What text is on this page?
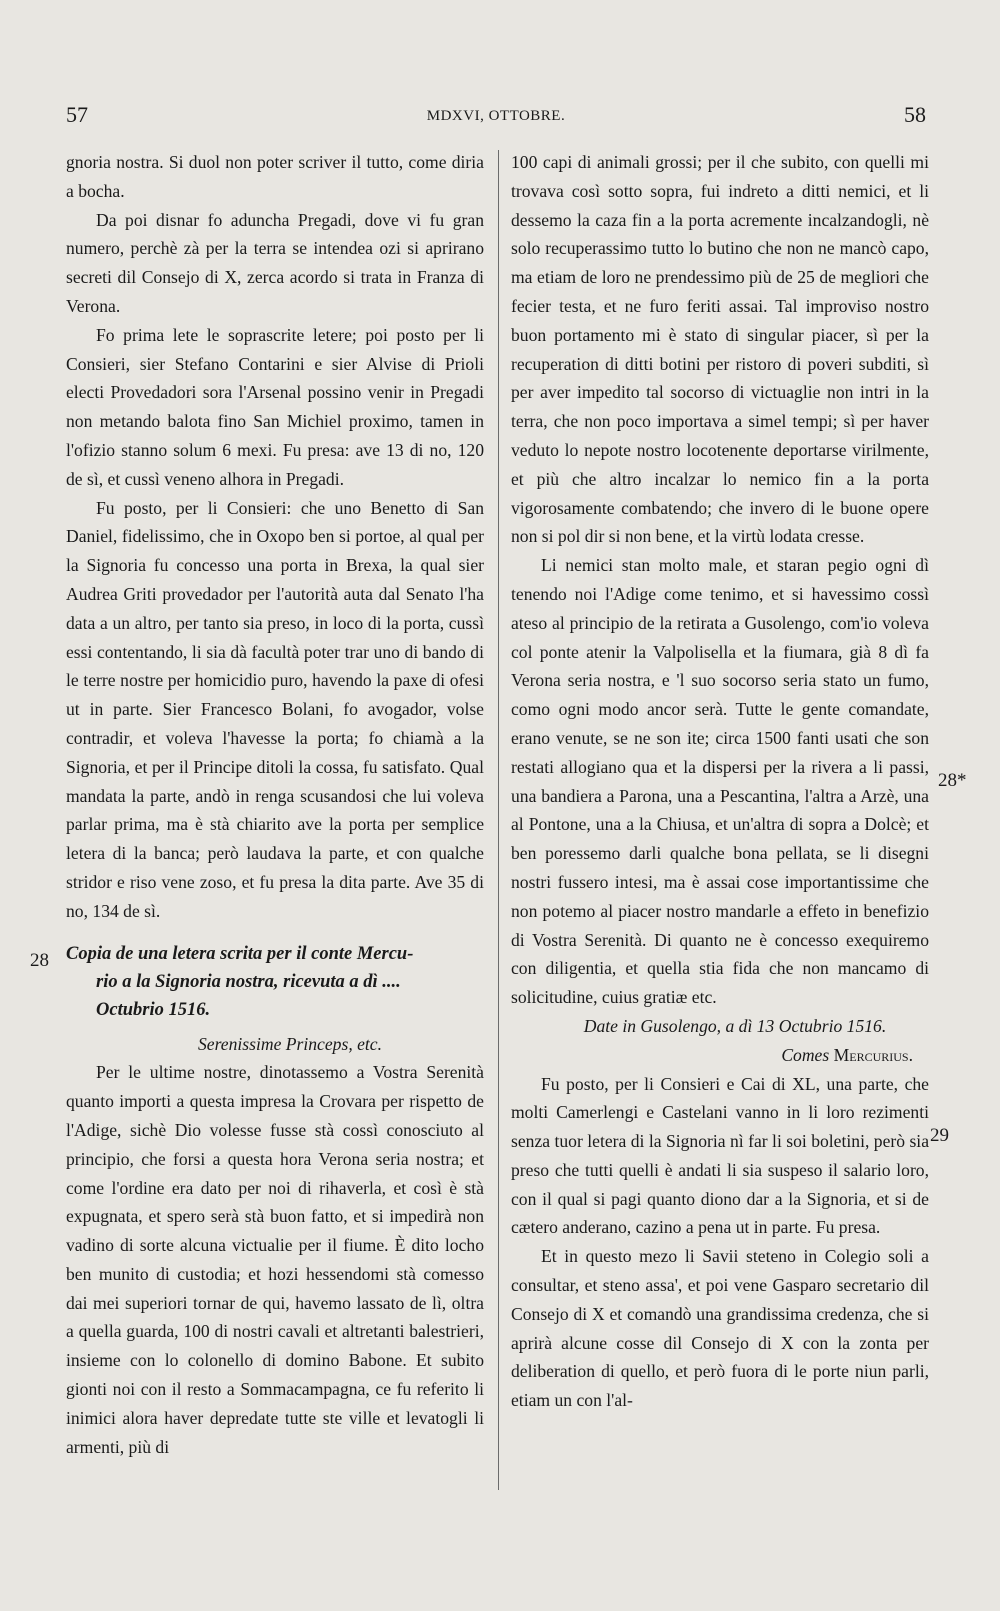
57	MDXVI, OTTOBRE.	58

gnoria nostra. Si duol non poter scriver il tutto, come diria a bocha.

Da poi disnar fo aduncha Pregadi, dove vi fu gran numero, perchè zà per la terra se intendea ozi si aprirano secreti dil Consejo di X, zerca acordo si trata in Franza di Verona.

Fo prima lete le soprascrite letere; poi posto per li Consieri, sier Stefano Contarini e sier Alvise di Prioli electi Provedadori sora l'Arsenal possino venir in Pregadi non metando balota fino San Michiel proximo, tamen in l'ofizio stanno solum 6 mexi. Fu presa: ave 13 di no, 120 de sì, et cussì veneno alhora in Pregadi.

Fu posto, per li Consieri: che uno Benetto di San Daniel, fidelissimo, che in Oxopo ben si portoe, al qual per la Signoria fu concesso una porta in Brexa, la qual sier Audrea Griti provedador per l'autorità auta dal Senato l'ha data a un altro, per tanto sia preso, in loco di la porta, cussì essi contentando, li sia dà facultà poter trar uno di bando di le terre nostre per homicidio puro, havendo la paxe di ofesi ut in parte. Sier Francesco Bolani, fo avogador, volse contradir, et voleva l'havesse la porta; fo chiamà a la Signoria, et per il Principe ditoli la cossa, fu satisfato. Qual mandata la parte, andò in renga scusandosi che lui voleva parlar prima, ma è stà chiarito ave la porta per semplice letera di la banca; però laudava la parte, et con qualche stridor e riso vene zoso, et fu presa la dita parte. Ave 35 di no, 134 de sì.

Copia de una letera scrita per il conte Mercu-
rio a la Signoria nostra, ricevuta a dì ....
Octubrio 1516.

Serenissime Princeps, etc.

Per le ultime nostre, dinotassemo a Vostra Serenità quanto importi a questa impresa la Crovara per rispetto de l'Adige, sichè Dio volesse fusse stà cossì conosciuto al principio, che forsi a questa hora Verona seria nostra; et come l'ordine era dato per noi di rihaverla, et così è stà expugnata, et spero serà stà buon fatto, et si impedirà non vadino di sorte alcuna victualie per il fiume. È dito locho ben munito di custodia; et hozi hessendomi stà comesso dai mei superiori tornar de qui, havemo lassato de lì, oltra a quella guarda, 100 di nostri cavali et altretanti balestrieri, insieme con lo colonello di domino Babone. Et subito gionti noi con il resto a Sommacampagna, ce fu referito li inimici alora haver depredate tutte ste ville et levatogli li armenti, più di

100 capi di animali grossi; per il che subito, con quelli mi trovava così sotto sopra, fui indreto a ditti nemici, et li dessemo la caza fin a la porta acremente incalzandogli, nè solo recuperassimo tutto lo butino che non ne mancò capo, ma etiam de loro ne prendessimo più de 25 de megliori che fecier testa, et ne furo feriti assai. Tal improviso nostro buon portamento mi è stato di singular piacer, sì per la recuperation di ditti botini per ristoro di poveri subditi, sì per aver impedito tal socorso di victuaglie non intri in la terra, che non poco importava a simel tempi; sì per haver veduto lo nepote nostro locotenente deportarse virilmente, et più che altro incalzar lo nemico fin a la porta vigorosamente combatendo; che invero di le buone opere non si pol dir si non bene, et la virtù lodata cresse.

Li nemici stan molto male, et staran pegio ogni dì tenendo noi l'Adige come tenimo, et si havessimo cossì ateso al principio de la retirata a Gusolengo, com'io voleva col ponte atenir la Valpolisella et la fiumara, già 8 dì fa Verona seria nostra, e 'l suo socorso seria stato un fumo, como ogni modo ancor serà. Tutte le gente comandate, erano venute, se ne son ite; circa 1500 fanti usati che son restati allogiano qua et la dispersi per la rivera a li passi, una bandiera a Parona, una a Pescantina, l'altra a Arzè, una al Pontone, una a la Chiusa, et un'altra di sopra a Dolcè; et ben poressemo darli qualche bona pellata, se li disegni nostri fussero intesi, ma è assai cose importantissime che non potemo al piacer nostro mandarle a effeto in benefizio di Vostra Serenità. Di quanto ne è concesso exequiremo con diligentia, et quella stia fida che non mancamo di solicitudine, cuius gratiæ etc.

Date in Gusolengo, a dì 13 Octubrio 1516.

Comes Mercurius.

Fu posto, per li Consieri e Cai di XL, una parte, che molti Camerlengi e Castelani vanno in li loro rezimenti senza tuor letera di la Signoria nì far li soi boletini, però sia preso che tutti quelli è andati li sia suspeso il salario loro, con il qual si pagi quanto diono dar a la Signoria, et si de cætero anderano, cazino a pena ut in parte. Fu presa.

Et in questo mezo li Savii steteno in Colegio soli a consultar, et steno assa', et poi vene Gasparo secretario dil Consejo di X et comandò una grandissima credenza, che si aprirà alcune cosse dil Consejo di X con la zonta per deliberation di quello, et però fuora di le porte niun parli, etiam un con l'al-

28
28*
29
